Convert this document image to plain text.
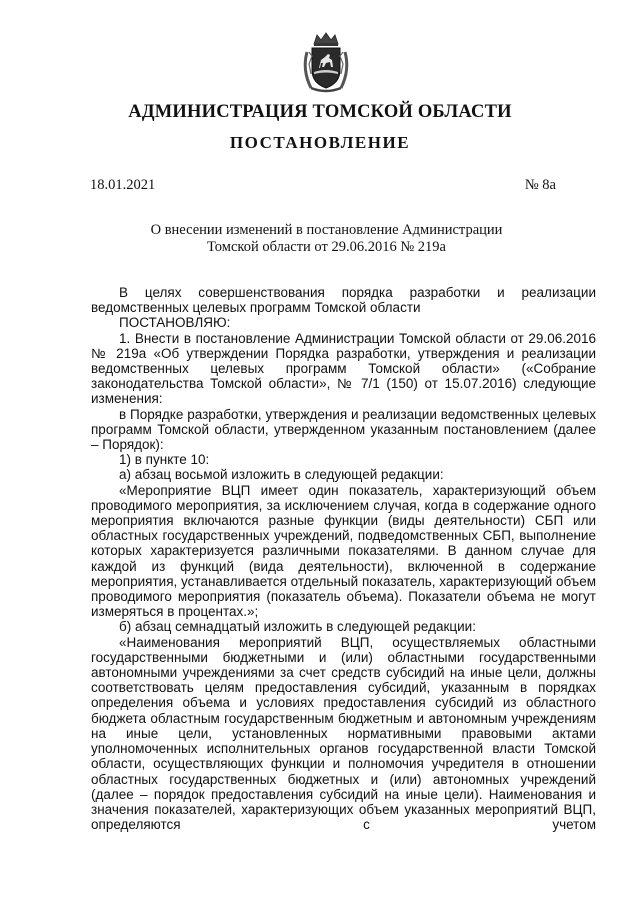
АДМИНИСТРАЦИЯ ТОМСКОЙ ОБЛАСТИ
ПОСТАНОВЛЕНИЕ
18.01.2021	№ 8а
О внесении изменений в постановление Администрации
Томской области от 29.06.2016 № 219а

В целях совершенствования порядка разработки и реализации ведомственных целевых программ Томской области

ПОСТАНОВЛЯЮ:

1. Внести в постановление Администрации Томской области от 29.06.2016 № 219а «Об утверждении Порядка разработки, утверждения и реализации ведомственных целевых программ Томской области» («Собрание законодательства Томской области», № 7/1 (150) от 15.07.2016) следующие изменения:

в Порядке разработки, утверждения и реализации ведомственных целевых программ Томской области, утвержденном указанным постановлением (далее – Порядок):

1) в пункте 10:

а) абзац восьмой изложить в следующей редакции:

«Мероприятие ВЦП имеет один показатель, характеризующий объем проводимого мероприятия, за исключением случая, когда в содержание одного мероприятия включаются разные функции (виды деятельности) СБП или областных государственных учреждений, подведомственных СБП, выполнение которых характеризуется различными показателями. В данном случае для каждой из функций (вида деятельности), включенной в содержание мероприятия, устанавливается отдельный показатель, характеризующий объем проводимого мероприятия (показатель объема). Показатели объема не могут измеряться в процентах.»;

б) абзац семнадцатый изложить в следующей редакции:

«Наименования мероприятий ВЦП, осуществляемых областными государственными бюджетными и (или) областными государственными автономными учреждениями за счет средств субсидий на иные цели, должны соответствовать целям предоставления субсидий, указанным в порядках определения объема и условиях предоставления субсидий из областного бюджета областным государственным бюджетным и автономным учреждениям на иные цели, установленных нормативными правовыми актами уполномоченных исполнительных органов государственной власти Томской области, осуществляющих функции и полномочия учредителя в отношении областных государственных бюджетных и (или) автономных учреждений (далее – порядок предоставления субсидий на иные цели). Наименования и значения показателей, характеризующих объем указанных мероприятий ВЦП, определяются с учетом
